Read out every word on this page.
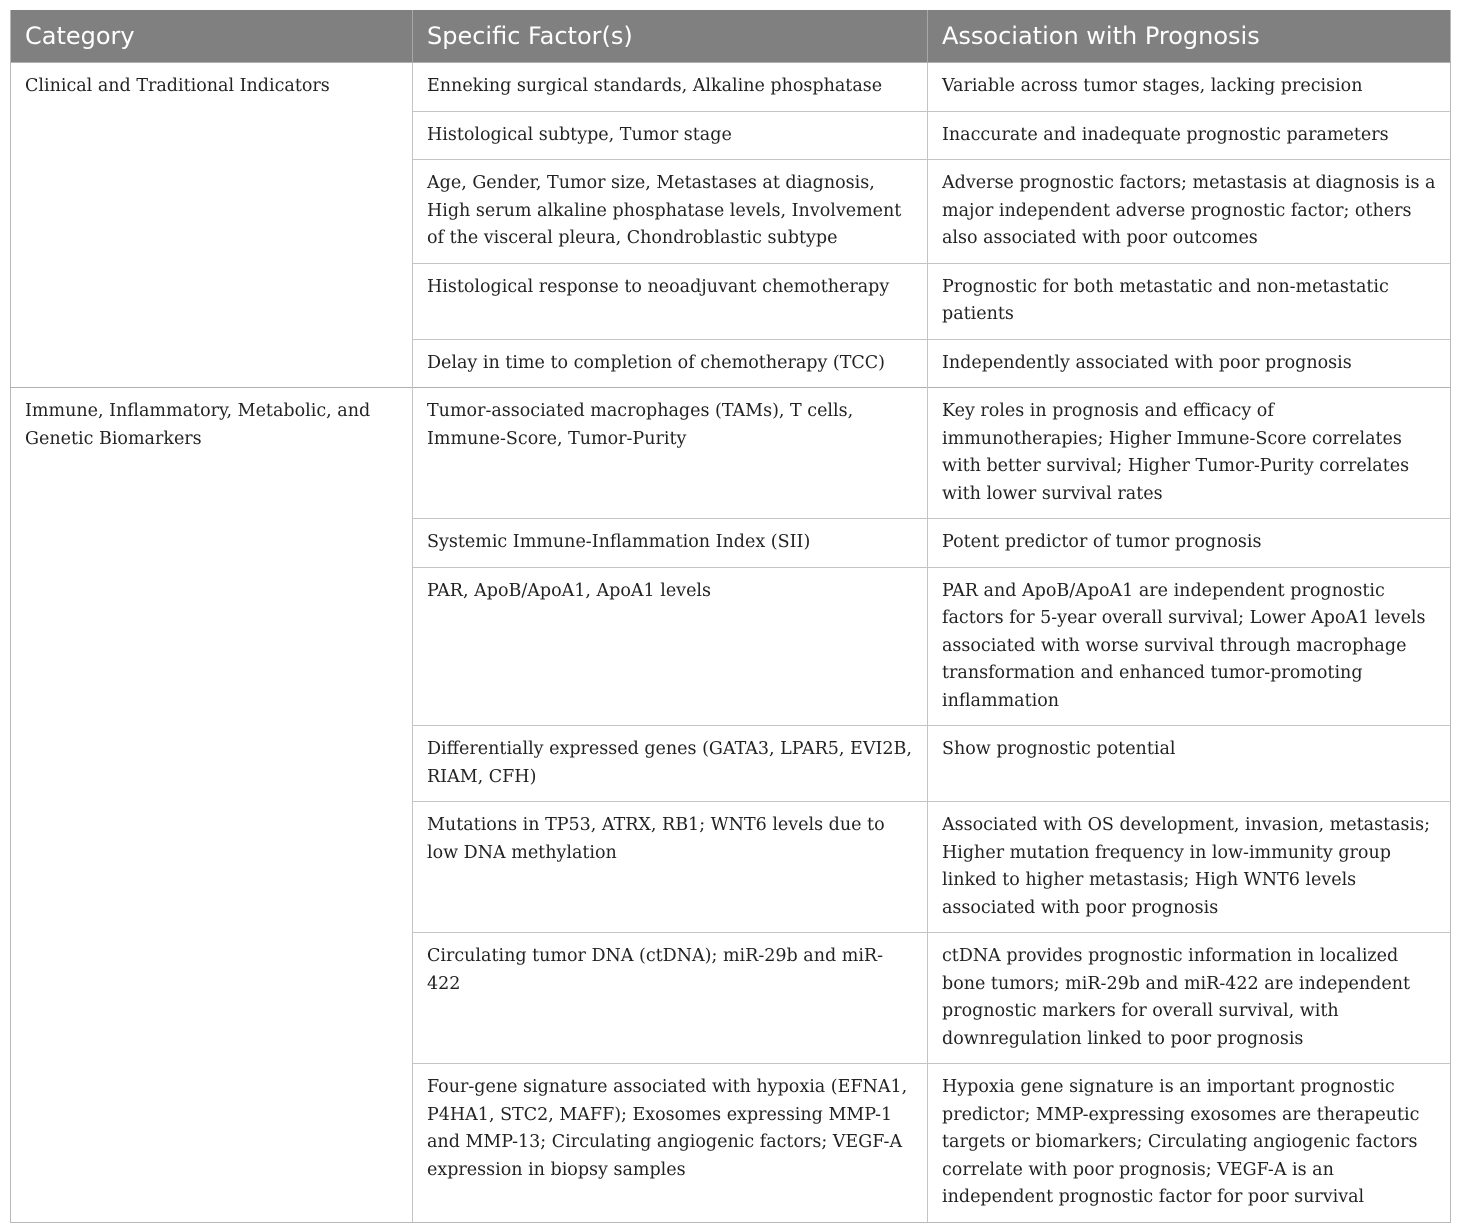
Category	Specific Factor(s)	Association with Prognosis
Clinical and Traditional Indicators	Enneking surgical standards, Alkaline phosphatase	Variable across tumor stages, lacking precision
	Histological subtype, Tumor stage	Inaccurate and inadequate prognostic parameters
	Age, Gender, Tumor size, Metastases at diagnosis, High serum alkaline phosphatase levels, Involvement of the visceral pleura, Chondroblastic subtype	Adverse prognostic factors; metastasis at diagnosis is a major independent adverse prognostic factor; others also associated with poor outcomes
	Histological response to neoadjuvant chemotherapy	Prognostic for both metastatic and non-metastatic patients
	Delay in time to completion of chemotherapy (TCC)	Independently associated with poor prognosis
Immune, Inflammatory, Metabolic, and Genetic Biomarkers	Tumor-associated macrophages (TAMs), T cells, Immune-Score, Tumor-Purity	Key roles in prognosis and efficacy of immunotherapies; Higher Immune-Score correlates with better survival; Higher Tumor-Purity correlates with lower survival rates
	Systemic Immune-Inflammation Index (SII)	Potent predictor of tumor prognosis
	PAR, ApoB/ApoA1, ApoA1 levels	PAR and ApoB/ApoA1 are independent prognostic factors for 5-year overall survival; Lower ApoA1 levels associated with worse survival through macrophage transformation and enhanced tumor-promoting inflammation
	Differentially expressed genes (GATA3, LPAR5, EVI2B, RIAM, CFH)	Show prognostic potential
	Mutations in TP53, ATRX, RB1; WNT6 levels due to low DNA methylation	Associated with OS development, invasion, metastasis; Higher mutation frequency in low-immunity group linked to higher metastasis; High WNT6 levels associated with poor prognosis
	Circulating tumor DNA (ctDNA); miR-29b and miR-422	ctDNA provides prognostic information in localized bone tumors; miR-29b and miR-422 are independent prognostic markers for overall survival, with downregulation linked to poor prognosis
	Four-gene signature associated with hypoxia (EFNA1, P4HA1, STC2, MAFF); Exosomes expressing MMP-1 and MMP-13; Circulating angiogenic factors; VEGF-A expression in biopsy samples	Hypoxia gene signature is an important prognostic predictor; MMP-expressing exosomes are therapeutic targets or biomarkers; Circulating angiogenic factors correlate with poor prognosis; VEGF-A is an independent prognostic factor for poor survival
